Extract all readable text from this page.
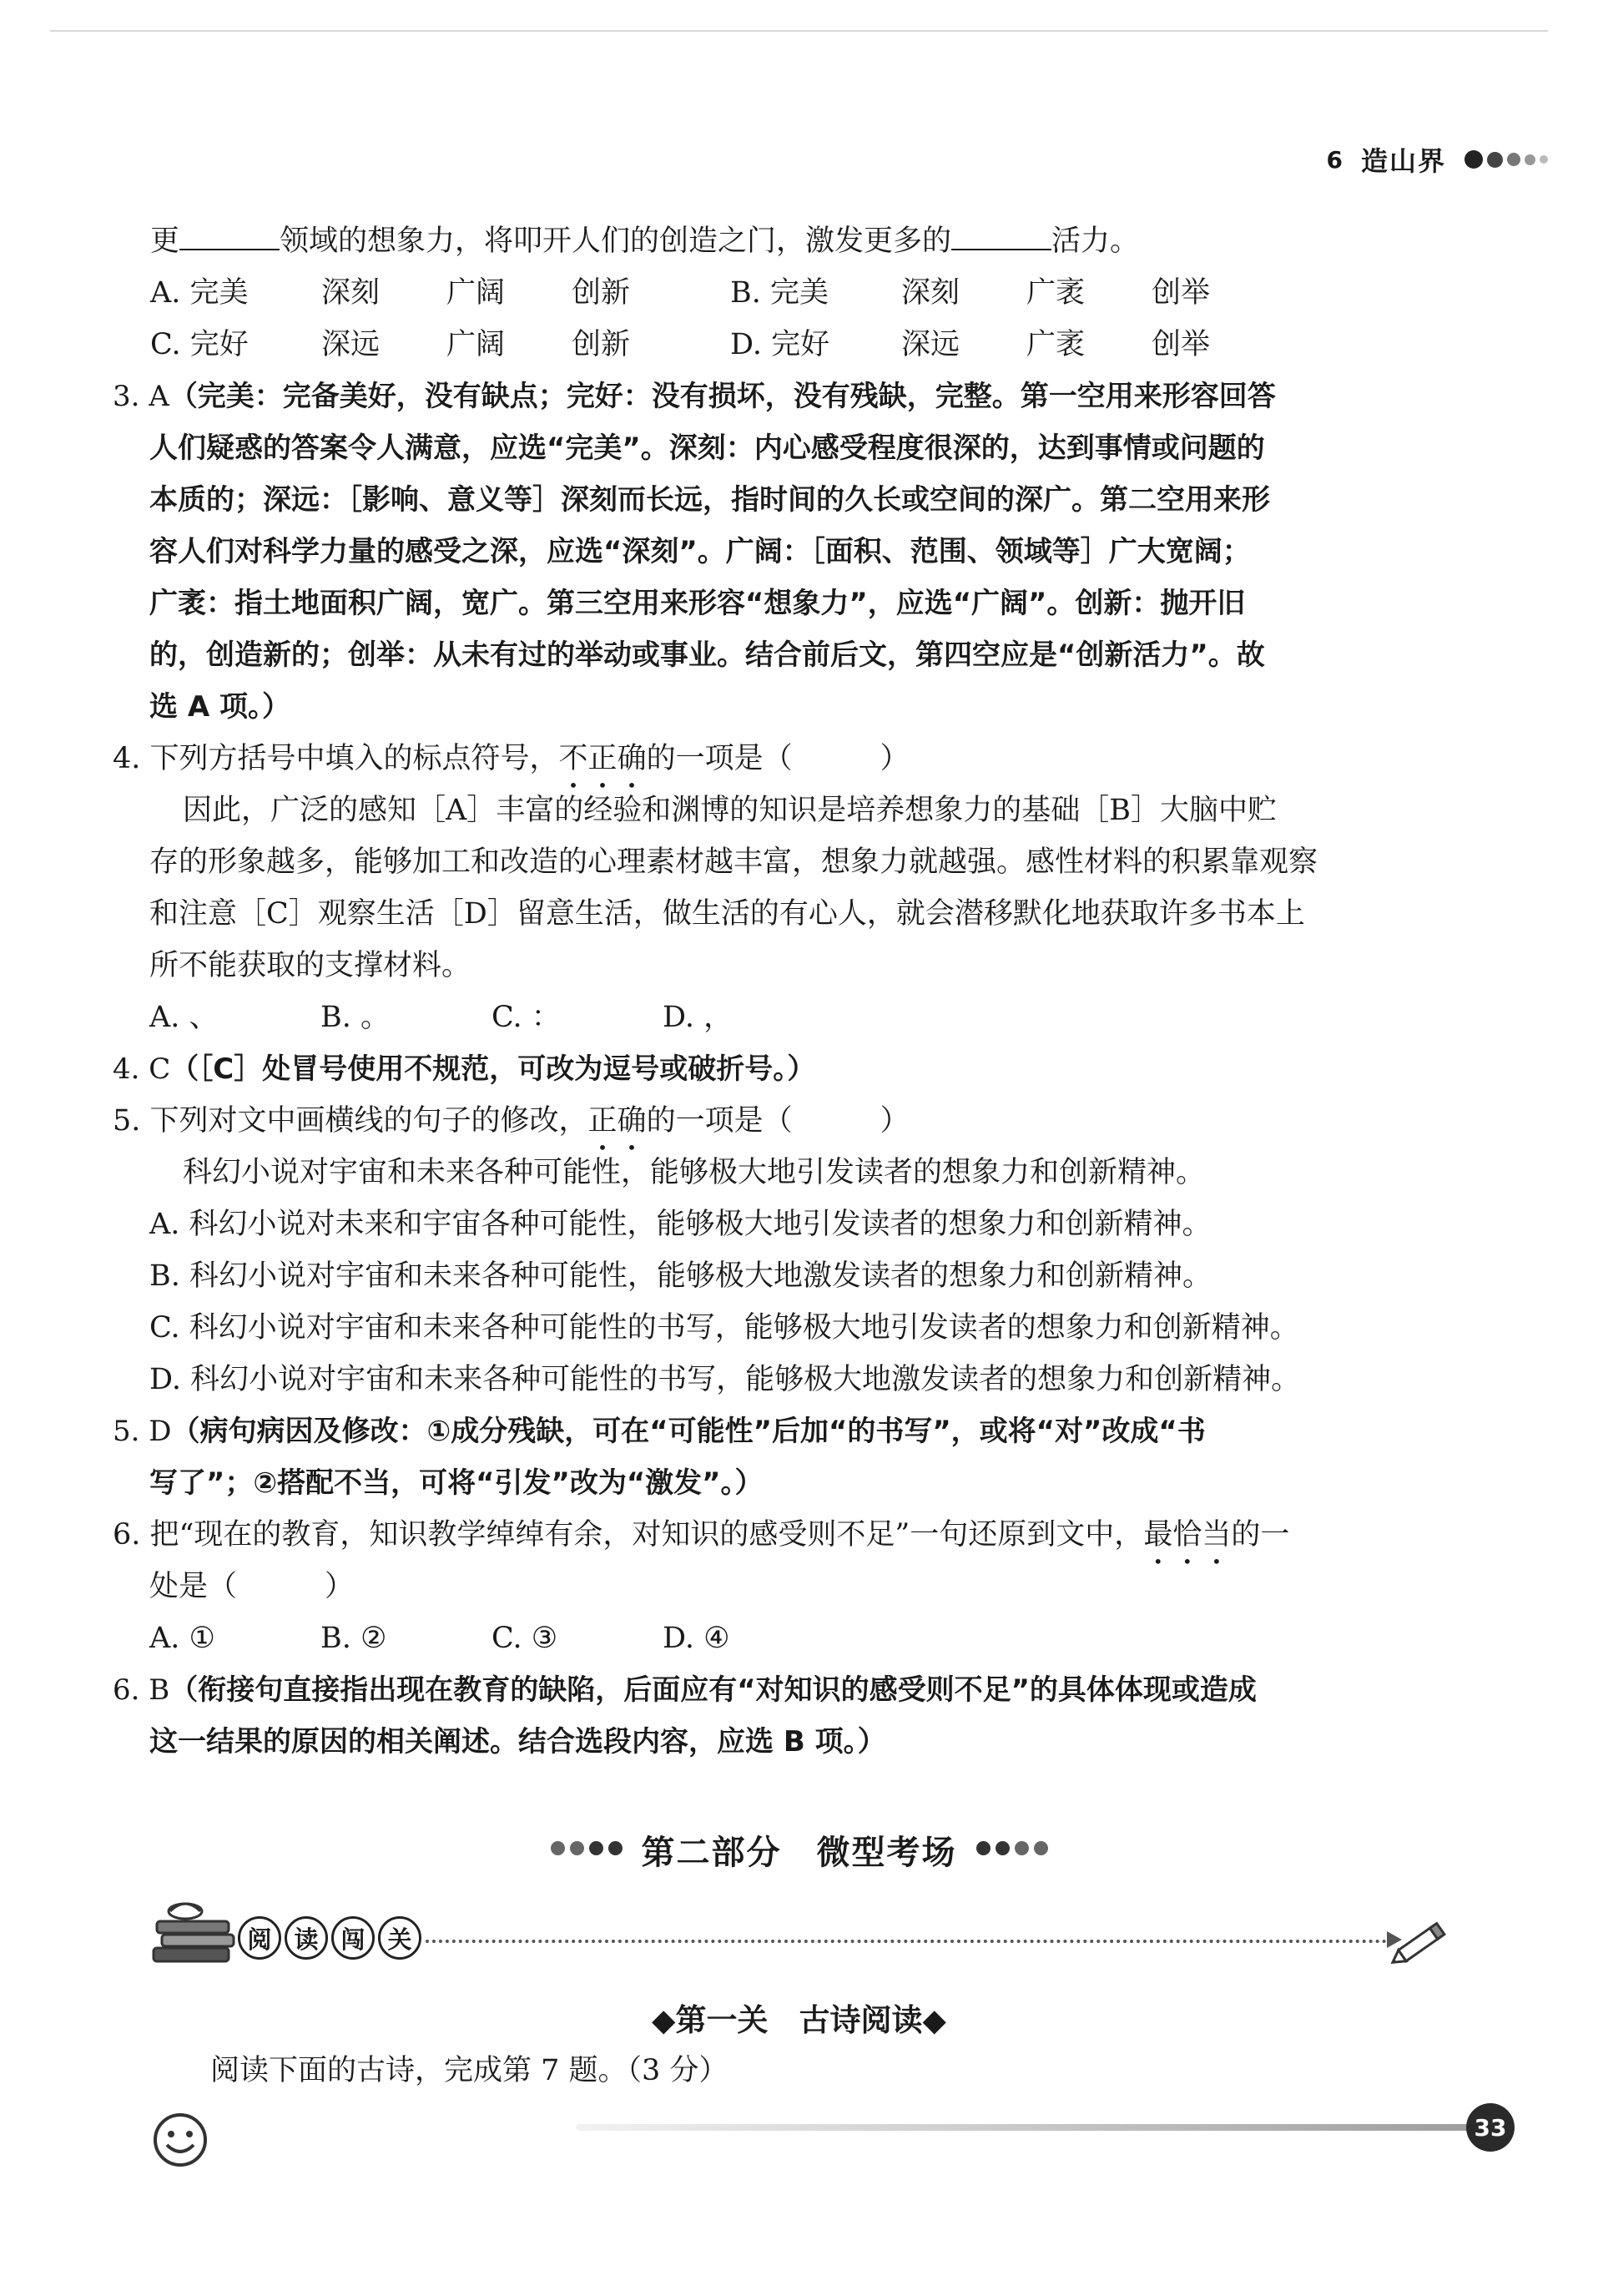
6 造山界
更	领域的想象力，将叩开人们的创造之门，激发更多的	活力。
A. 完美	深刻	广阔	创新	B. 完美	深刻	广袤	创举
C. 完好	深远	广阔	创新	D. 完好	深远	广袤	创举
3. A（完美：完备美好，没有缺点；完好：没有损坏，没有残缺，完整。第一空用来形容回答
人们疑惑的答案令人满意，应选“完美”。深刻：内心感受程度很深的，达到事情或问题的
本质的；深远：［影响、意义等］深刻而长远，指时间的久长或空间的深广。第二空用来形
容人们对科学力量的感受之深，应选“深刻”。广阔：［面积、范围、领域等］广大宽阔；
广袤：指土地面积广阔，宽广。第三空用来形容“想象力”，应选“广阔”。创新：抛开旧
的，创造新的；创举：从未有过的举动或事业。结合前后文，第四空应是“创新活力”。故
选 A 项。）
4. 下列方括号中填入的标点符号，不正确的一项是（　　　）
因此，广泛的感知［A］丰富的经验和渊博的知识是培养想象力的基础［B］大脑中贮
存的形象越多，能够加工和改造的心理素材越丰富，想象力就越强。感性材料的积累靠观察
和注意［C］观察生活［D］留意生活，做生活的有心人，就会潜移默化地获取许多书本上
所不能获取的支撑材料。
A. 、	B. 。	C. ：	D. ，
4. C（［C］处冒号使用不规范，可改为逗号或破折号。）
5. 下列对文中画横线的句子的修改，正确的一项是（　　　）
科幻小说对宇宙和未来各种可能性，能够极大地引发读者的想象力和创新精神。
A. 科幻小说对未来和宇宙各种可能性，能够极大地引发读者的想象力和创新精神。
B. 科幻小说对宇宙和未来各种可能性，能够极大地激发读者的想象力和创新精神。
C. 科幻小说对宇宙和未来各种可能性的书写，能够极大地引发读者的想象力和创新精神。
D. 科幻小说对宇宙和未来各种可能性的书写，能够极大地激发读者的想象力和创新精神。
5. D（病句病因及修改：①成分残缺，可在“可能性”后加“的书写”，或将“对”改成“书
写了”；②搭配不当，可将“引发”改为“激发”。）
6. 把“现在的教育，知识教学绰绰有余，对知识的感受则不足”一句还原到文中，最恰当的一
处是（　　　）
A. ①	B. ②	C. ③	D. ④
6. B（衔接句直接指出现在教育的缺陷，后面应有“对知识的感受则不足”的具体体现或造成
这一结果的原因的相关阐述。结合选段内容，应选 B 项。）
第二部分　微型考场
阅 读 闯 关
◆第一关　古诗阅读◆
阅读下面的古诗，完成第 7 题。（3 分）
33
